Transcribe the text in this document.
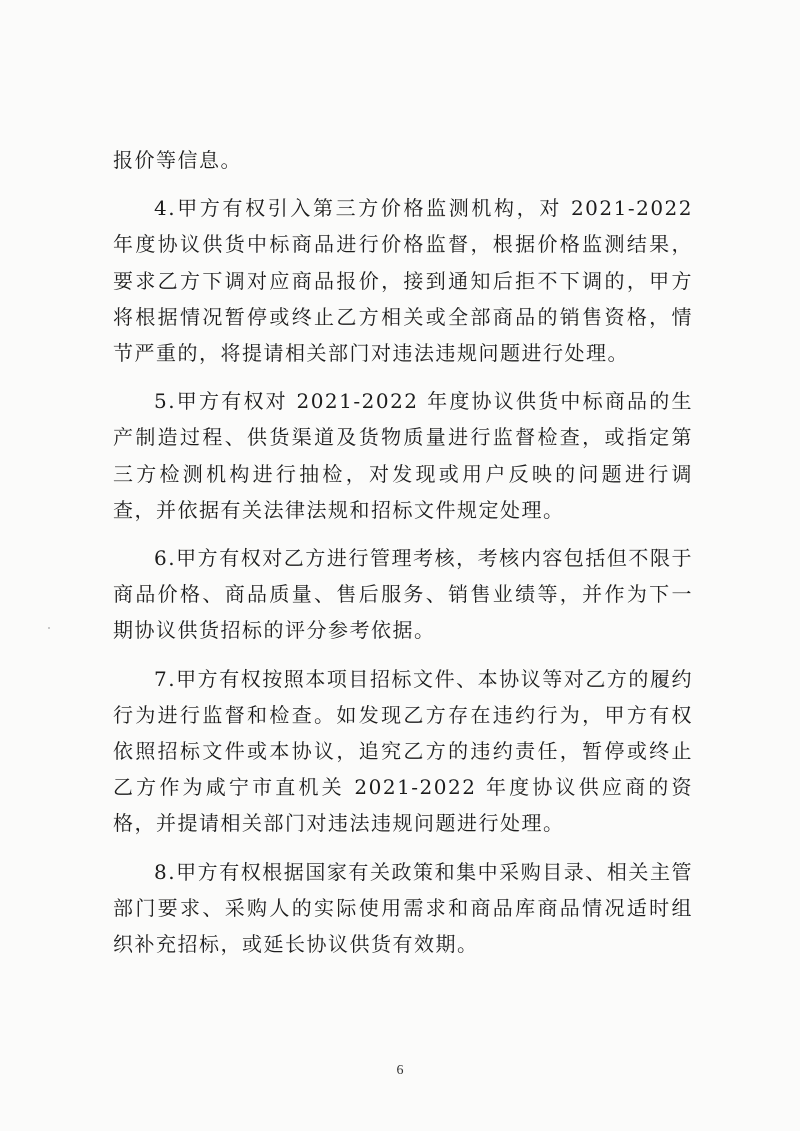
报价等信息。

4.甲方有权引入第三方价格监测机构，对 2021-2022 年度协议供货中标商品进行价格监督，根据价格监测结果，要求乙方下调对应商品报价，接到通知后拒不下调的，甲方将根据情况暂停或终止乙方相关或全部商品的销售资格，情节严重的，将提请相关部门对违法违规问题进行处理。

5.甲方有权对 2021-2022 年度协议供货中标商品的生产制造过程、供货渠道及货物质量进行监督检查，或指定第三方检测机构进行抽检，对发现或用户反映的问题进行调查，并依据有关法律法规和招标文件规定处理。

6.甲方有权对乙方进行管理考核，考核内容包括但不限于商品价格、商品质量、售后服务、销售业绩等，并作为下一期协议供货招标的评分参考依据。

7.甲方有权按照本项目招标文件、本协议等对乙方的履约行为进行监督和检查。如发现乙方存在违约行为，甲方有权依照招标文件或本协议，追究乙方的违约责任，暂停或终止乙方作为咸宁市直机关 2021-2022 年度协议供应商的资格，并提请相关部门对违法违规问题进行处理。

8.甲方有权根据国家有关政策和集中采购目录、相关主管部门要求、采购人的实际使用需求和商品库商品情况适时组织补充招标，或延长协议供货有效期。

6
